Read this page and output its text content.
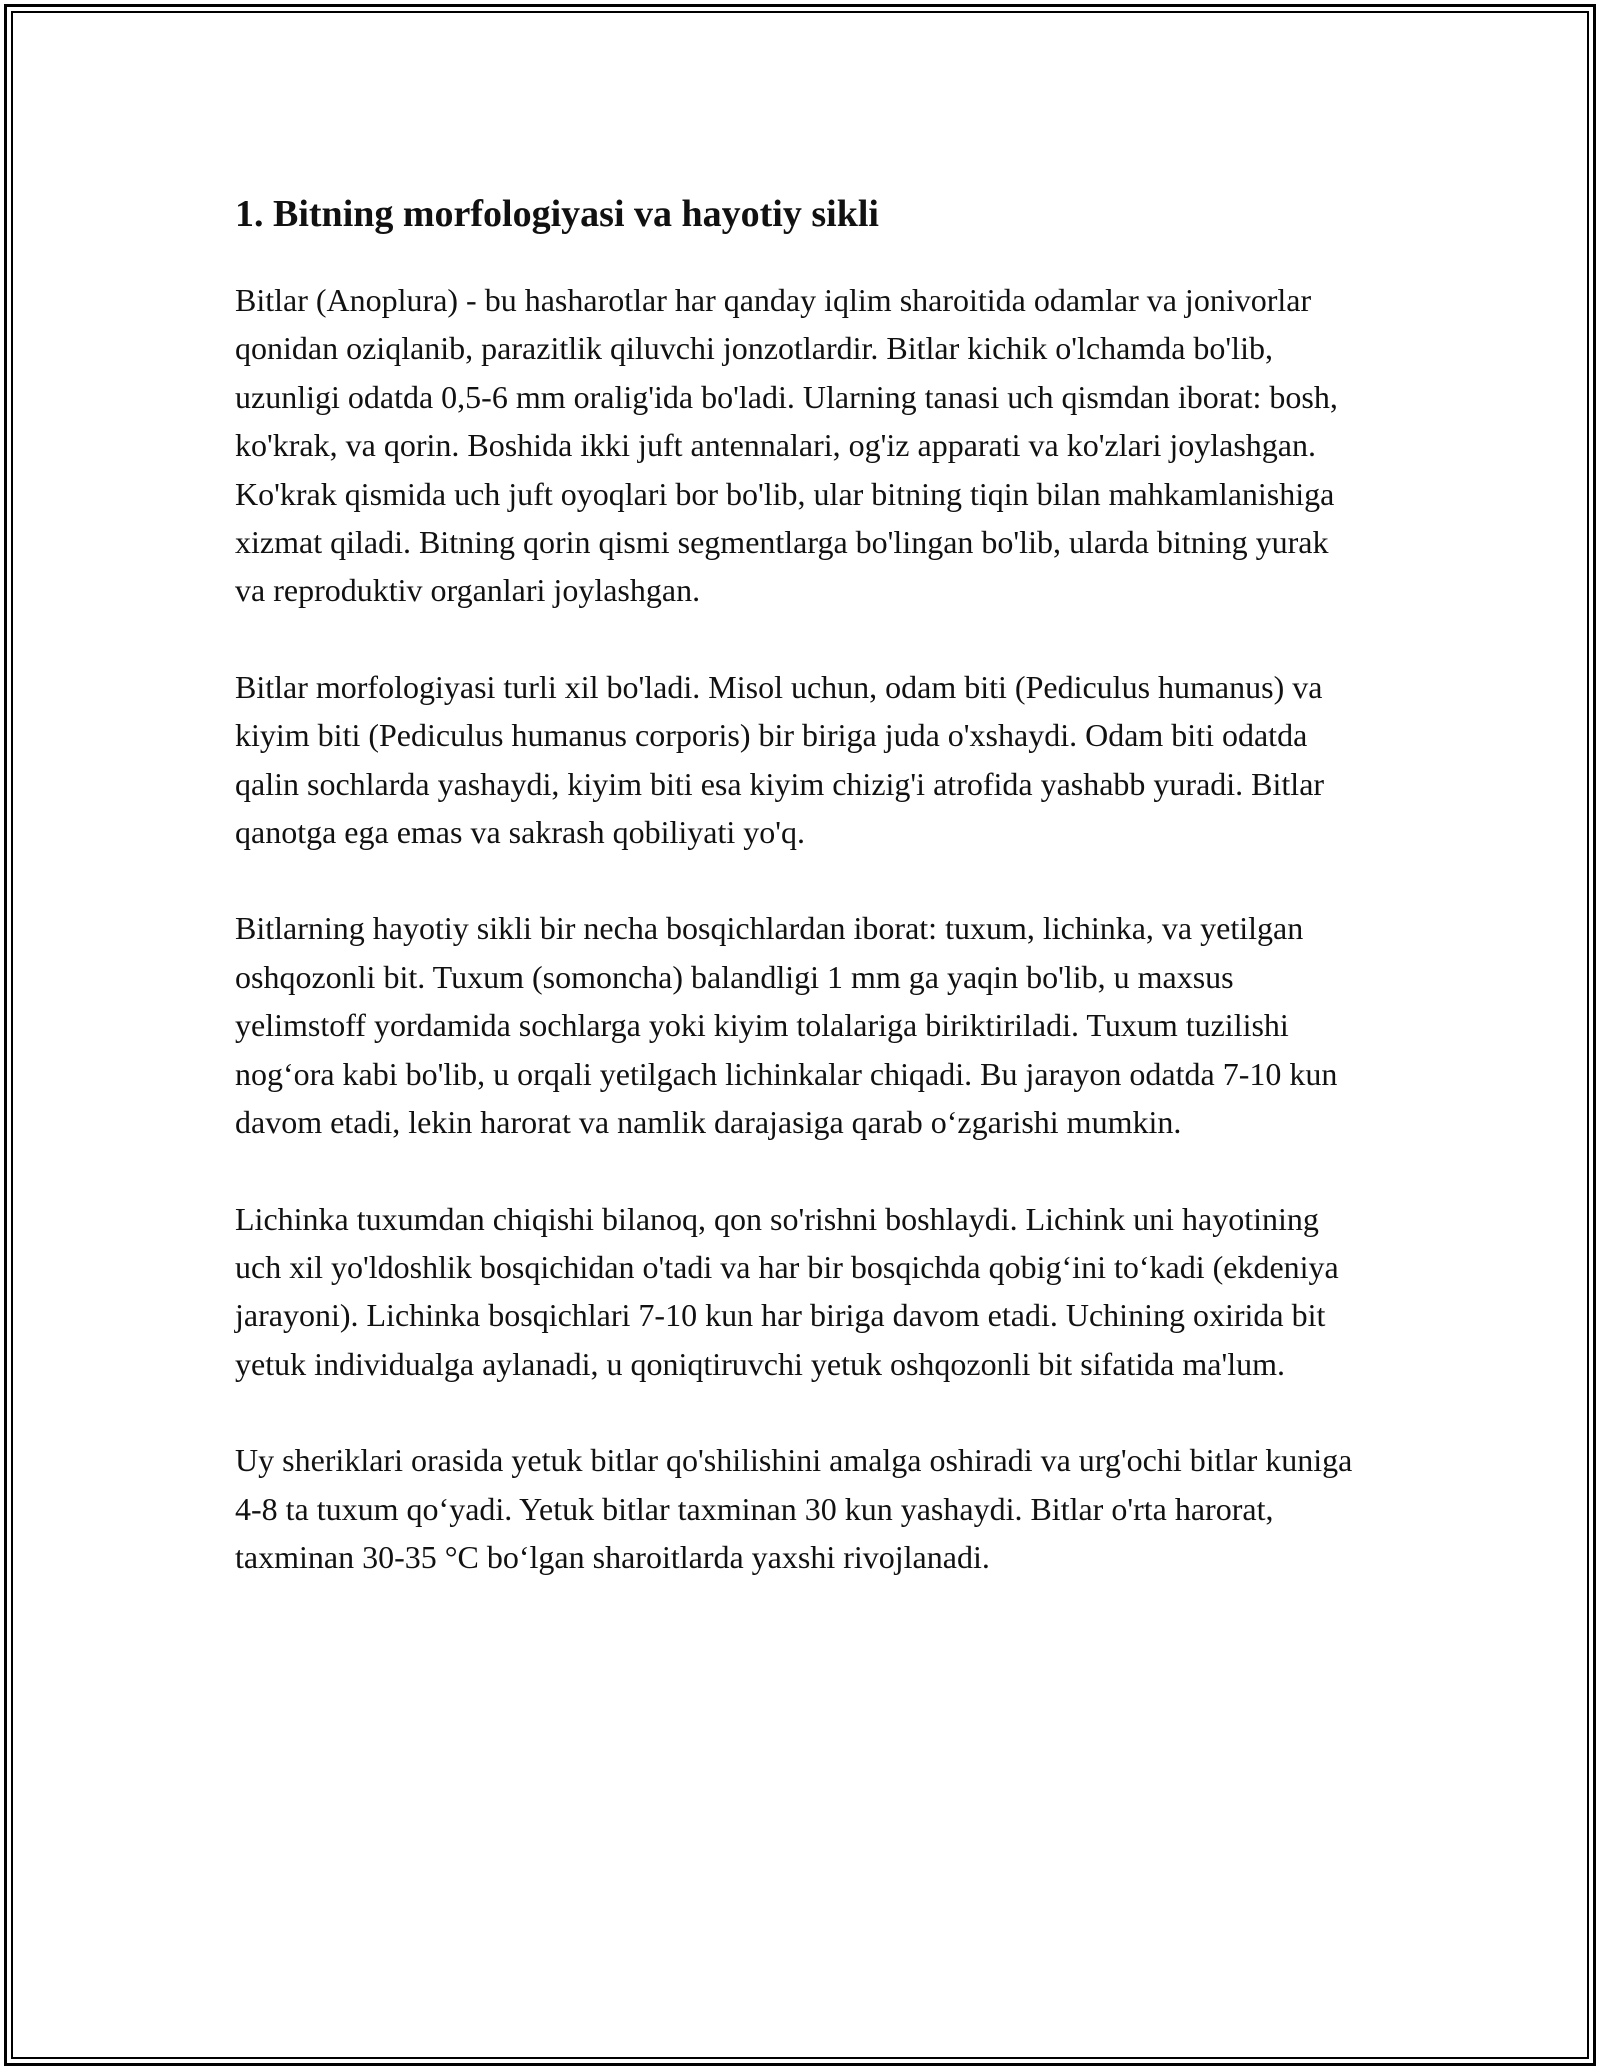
1. Bitning morfologiyasi va hayotiy sikli

Bitlar (Anoplura) - bu hasharotlar har qanday iqlim sharoitida odamlar va jonivorlar qonidan oziqlanib, parazitlik qiluvchi jonzotlardir. Bitlar kichik o'lchamda bo'lib, uzunligi odatda 0,5-6 mm oralig'ida bo'ladi. Ularning tanasi uch qismdan iborat: bosh, ko'krak, va qorin. Boshida ikki juft antennalari, og'iz apparati va ko'zlari joylashgan. Ko'krak qismida uch juft oyoqlari bor bo'lib, ular bitning tiqin bilan mahkamlanishiga xizmat qiladi. Bitning qorin qismi segmentlarga bo'lingan bo'lib, ularda bitning yurak va reproduktiv organlari joylashgan.

Bitlar morfologiyasi turli xil bo'ladi. Misol uchun, odam biti (Pediculus humanus) va kiyim biti (Pediculus humanus corporis) bir biriga juda o'xshaydi. Odam biti odatda qalin sochlarda yashaydi, kiyim biti esa kiyim chizig'i atrofida yashabb yuradi. Bitlar qanotga ega emas va sakrash qobiliyati yo'q.

Bitlarning hayotiy sikli bir necha bosqichlardan iborat: tuxum, lichinka, va yetilgan oshqozonli bit. Tuxum (somoncha) balandligi 1 mm ga yaqin bo'lib, u maxsus yelimstoff yordamida sochlarga yoki kiyim tolalariga biriktiriladi. Tuxum tuzilishi nog‘ora kabi bo'lib, u orqali yetilgach lichinkalar chiqadi. Bu jarayon odatda 7-10 kun davom etadi, lekin harorat va namlik darajasiga qarab o‘zgarishi mumkin.

Lichinka tuxumdan chiqishi bilanoq, qon so'rishni boshlaydi. Lichink uni hayotining uch xil yo'ldoshlik bosqichidan o'tadi va har bir bosqichda qobig‘ini to‘kadi (ekdeniya jarayoni). Lichinka bosqichlari 7-10 kun har biriga davom etadi. Uchining oxirida bit yetuk individualga aylanadi, u qoniqtiruvchi yetuk oshqozonli bit sifatida ma'lum.

Uy sheriklari orasida yetuk bitlar qo'shilishini amalga oshiradi va urg'ochi bitlar kuniga 4-8 ta tuxum qo‘yadi. Yetuk bitlar taxminan 30 kun yashaydi. Bitlar o'rta harorat, taxminan 30-35 °C bo‘lgan sharoitlarda yaxshi rivojlanadi.
